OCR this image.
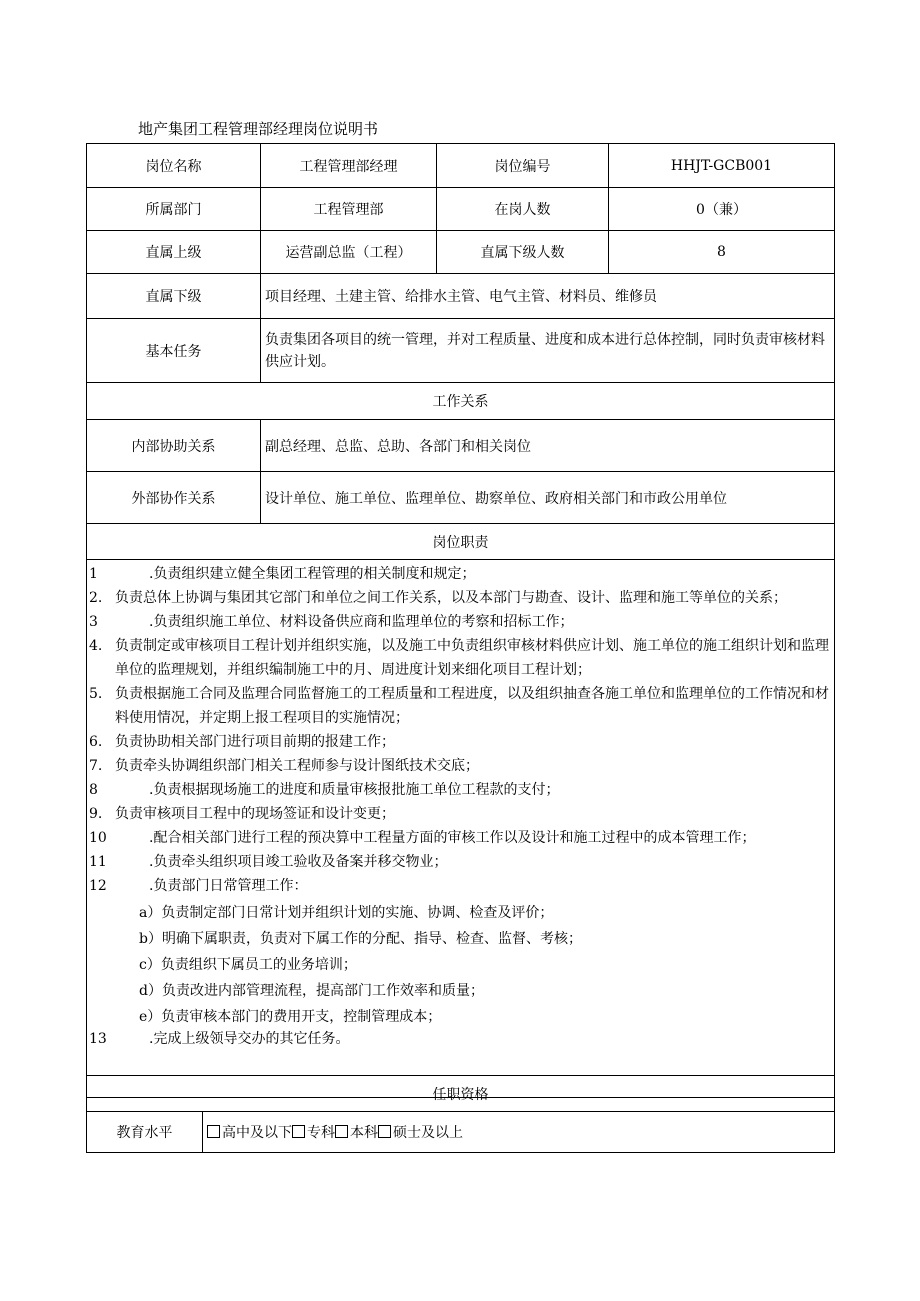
地产集团工程管理部经理岗位说明书
岗位名称	工程管理部经理	岗位编号	HHJT-GCB001
所属部门	工程管理部	在岗人数	0（兼）
直属上级	运营副总监（工程）	直属下级人数	8
直属下级	项目经理、土建主管、给排水主管、电气主管、材料员、维修员		
基本任务	负责集团各项目的统一管理，并对工程质量、进度和成本进行总体控制，同时负责审核材料供应计划。		
工作关系	
内部协助关系	副总经理、总监、总助、各部门和相关岗位
外部协作关系	设计单位、施工单位、监理单位、勘察单位、政府相关部门和市政公用单位
岗位职责

1	.负责组织建立健全集团工程管理的相关制度和规定；
2. 负责总体上协调与集团其它部门和单位之间工作关系，以及本部门与勘查、设计、监理和施工等单位的关系；
3	.负责组织施工单位、材料设备供应商和监理单位的考察和招标工作；
4. 负责制定或审核项目工程计划并组织实施，以及施工中负责组织审核材料供应计划、施工单位的施工组织计划和监理单位的监理规划，并组织编制施工中的月、周进度计划来细化项目工程计划；
5. 负责根据施工合同及监理合同监督施工的工程质量和工程进度，以及组织抽查各施工单位和监理单位的工作情况和材料使用情况，并定期上报工程项目的实施情况；
6. 负责协助相关部门进行项目前期的报建工作；
7. 负责牵头协调组织部门相关工程师参与设计图纸技术交底；
8	.负责根据现场施工的进度和质量审核报批施工单位工程款的支付；
9. 负责审核项目工程中的现场签证和设计变更；
10	.配合相关部门进行工程的预决算中工程量方面的审核工作以及设计和施工过程中的成本管理工作；
11	.负责牵头组织项目竣工验收及备案并移交物业；
12	.负责部门日常管理工作：
a）负责制定部门日常计划并组织计划的实施、协调、检查及评价；
b）明确下属职责，负责对下属工作的分配、指导、检查、监督、考核；
c）负责组织下属员工的业务培训；
d）负责改进内部管理流程，提高部门工作效率和质量；
e）负责审核本部门的费用开支，控制管理成本；
13	.完成上级领导交办的其它任务。
任职资格
教育水平	高中及以下 专科 本科 硕士及以上
